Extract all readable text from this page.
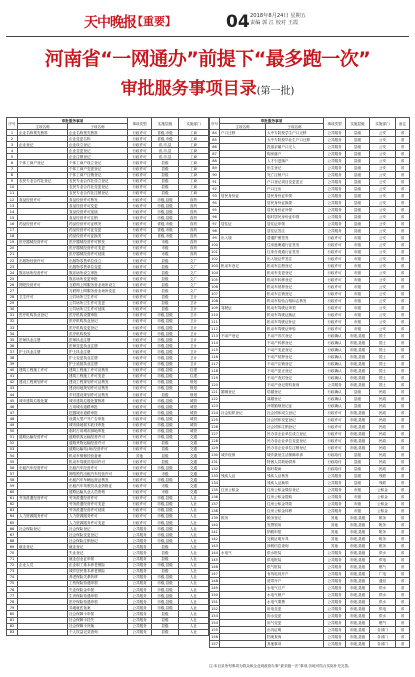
天中晚报
【重要】	04 2018年8月24日 星期五
责编 郭 江 校对 王霞
河南省“一网通办”前提下“最多跑一次”
审批服务事项目录(第一批)
序号	审批服务事项		事项类型	实施层级	实施部门
	主项名称	子项名称			
1	企业名称预先核准	企业名称预先核准	行政许可	省级,市级	工商
2		企业变更名称	行政许可	省级,市级	工商
3	企业登记	企业设立登记	行政许可	省,市,县	工商
4		企业变更登记	行政许可	省,市,县	工商
5		企业注销登记	行政许可	省,市,县	工商
6	个体工商户登记	个体工商户设立登记	行政许可	县级	工商
7		个体工商户变更登记	行政许可	县级	工商
8		个体工商户注销登记	行政许可	县级	工商
9	农民专业合作社登记	农民专业合作社设立登记	行政许可	县级	工商
10		农民专业合作社变更登记	行政许可	县级	工商
11		农民专业合作社注销登记	行政许可	县级	工商
12	食品经营许可	食品经营许可核发	行政许可	市级,县级	食药
13		食品经营许可变更	行政许可	市级,县级	食药
14		食品经营许可延续	行政许可	市级,县级	食药
15		食品经营许可注销	行政许可	市级,县级	食药
16	药品经营许可	药品经营许可证核发	行政许可	省级,市级	食药
17		药品经营许可证变更	行政许可	省级,市级	食药
18		药品经营许可证换发	行政许可	省级,市级	食药
19	医疗器械经营许可	医疗器械经营许可核发	行政许可	市级	食药
20		医疗器械经营许可变更	行政许可	市级	食药
21		医疗器械经营许可延续	行政许可	市级	食药
22	出版物经营许可	出版物零售单位设立	行政许可	县级	文广
23		出版物零售单位变更	行政许可	县级	文广
24	娱乐场所经营许可	娱乐场所设立审批	行政许可	县级	文广
25		娱乐场所变更审批	行政许可	县级	文广
26	网吧经营许可	互联网上网服务营业场所设立	行政许可	县级	文广
27		互联网上网服务营业场所变更	行政许可	县级	文广
28	卫生许可	公共场所卫生许可	行政许可	县级	卫计
29		公共场所卫生许可变更	行政许可	县级	卫计
30		公共场所卫生许可延续	行政许可	县级	卫计
31	医疗机构执业登记	医疗机构设置审批	行政许可	市级,县级	卫计
32		医疗机构执业登记	行政许可	市级,县级	卫计
33		医疗机构变更登记	行政许可	市级,县级	卫计
34		医疗机构校验	行政许可	市级,县级	卫计
35	医师执业注册	医师执业注册	行政许可	市级,县级	卫计
36		医师变更执业注册	行政许可	市级,县级	卫计
37	护士执业注册	护士执业注册	行政许可	市级,县级	卫计
38		护士变更执业注册	行政许可	市级,县级	卫计
39		护士延续执业注册	行政许可	市级,县级	卫计
40	建筑工程施工许可	建筑工程施工许可证核发	行政许可	市级,县级	住建
41		建筑工程施工许可变更	行政许可	市级,县级	住建
42	建设工程规划许可	建设工程规划许可证核发	行政许可	市级,县级	规划
43		建设用地规划许可证核发	行政许可	市级,县级	规划
44		乡村建设规划许可证核发	行政许可	县级	规划
45	城市建筑垃圾处置	城市建筑垃圾处置核准	行政许可	市级,县级	城管
46		占用城市道路审批	行政许可	市级,县级	城管
47		挖掘城市道路审批	行政许可	市级,县级	城管
48		设置大型户外广告审批	行政许可	市级,县级	城管
49		城市绿地树木砍伐审批	行政许可	市级,县级	城管
50		临时占用城市绿地审批	行政许可	市级,县级	城管
51	道路运输经营许可	道路旅客运输经营许可	行政许可	市级,县级	交通
52		道路货物运输经营许可	行政许可	县级	交通
53		道路运输站(场)经营许可	行政许可	县级	交通
54		机动车维修经营备案	其他	县级	交通
55		机动车驾驶员培训许可	行政许可	县级	交通
56	出租汽车经营许可	出租汽车经营许可	行政许可	市级,县级	交通
57		网络预约出租汽车经营许可	行政许可	市级	交通
58		出租汽车车辆运营证核发	行政许可	市级,县级	交通
59		出租汽车驾驶员从业资格证	行政许可	市级	交通
60		道路运输从业人员资格	行政许可	市级	交通
61	劳务派遣经营许可	劳务派遣经营许可	行政许可	市级,县级	人社
62		劳务派遣经营许可变更	行政许可	市级,县级	人社
63		劳务派遣经营许可延续	行政许可	市级,县级	人社
64	人力资源服务许可	人力资源服务许可	行政许可	市级,县级	人社
65		人力资源服务许可变更	行政许可	市级,县级	人社
66	社会保险登记	社会保险登记	公共服务	市级,县级	人社
67		社会保险变更登记	公共服务	市级,县级	人社
68		社会保险注销登记	公共服务	市级,县级	人社
69	就业登记	就业登记	公共服务	县级	人社
70		失业登记	公共服务	县级	人社
71		就业创业证申领	公共服务	县级	人社
72	企业人员	企业职工基本养老保险	公共服务	市级,县级	人社
73		城乡居民基本养老保险	公共服务	县级	人社
74		养老保险关系转移	公共服务	市级,县级	人社
75		工伤保险待遇申领	公共服务	市级,县级	人社
76		失业保险金申领	公共服务	市级,县级	人社
77		生育保险待遇申领	公共服务	市级,县级	人社
78		医疗保险待遇申领	公共服务	市级,县级	人社
79		异地就医备案	公共服务	市级,县级	人社
80		社会保障卡申领	公共服务	县级	人社
81		社会保障卡挂失	公共服务	县级	人社
82		社会保障卡补换	公共服务	县级	人社
83		个人权益记录查询	公共服务	县级	人社
序号	审批服务事项		事项类型	实施层级	实施部门	备注
	主项名称	子项名称				
84	户口迁移	大中专院校学生户口迁移	公共服务	县级	公安	省
85		大中专院校毕业生户口迁移	公共服务	县级	公安	省
86		投靠亲属户口迁入	公共服务	县级	公安	省
87		购房落户	公共服务	县级	公安	省
88		人才引进落户	公共服务	县级	公安	省
89		出生登记	公共服务	县级	公安	省
90		死亡注销户口	公共服务	县级	公安	省
91		户口登记项目变更更正	公共服务	县级	公安	省
92		户口迁出	公共服务	县级	公安	省
93	居民身份证	居民身份证申领	公共服务	县级	公安	省
94		居民身份证换领	公共服务	县级	公安	省
95		居民身份证补领	公共服务	县级	公安	省
96		临时居民身份证申领	公共服务	县级	公安	省
97	居住证	居住证申领	公共服务	县级	公安	省
98		居住证签注	公共服务	县级	公安	省
99	出入境	普通护照签发	行政许可	市级	公安	省
100		往来港澳通行证签发	行政许可	市级	公安	省
101		往来台湾通行证签发	行政许可	市级	公安	省
102		出入境证件签注	行政许可	市级	公安	省
103	机动车登记	机动车注册登记	行政许可	市级	公安	省
104		机动车变更登记	行政许可	市级	公安	省
105		机动车转移登记	行政许可	市级	公安	省
106		机动车抵押登记	行政许可	市级	公安	省
107		机动车注销登记	行政许可	市级	公安	省
108		机动车检验合格标志核发	行政许可	市级	公安	省
109	驾驶证	机动车驾驶证申领	行政许可	市级	公安	省
110		机动车驾驶证换证	行政许可	市级	公安	省
111		机动车驾驶证补证	行政许可	市级	公安	省
112		机动车驾驶证审验	行政许可	市级	公安	省
113	不动产登记	不动产首次登记	行政确认	市级,县级	国土	省
114		不动产转移登记	行政确认	市级,县级	国土	省
115		不动产变更登记	行政确认	市级,县级	国土	省
116		不动产抵押登记	行政确认	市级,县级	国土	省
117		不动产注销登记	行政确认	市级,县级	国土	省
118		不动产更正登记	行政确认	市级,县级	国土	省
119		不动产查封登记	行政确认	市级,县级	国土	省
120		不动产登记资料查询	公共服务	市级,县级	国土	省
121	婚姻登记	结婚登记	行政确认	县级	民政	省
122		离婚登记	行政确认	县级	民政	省
123		补领婚姻登记证	行政确认	县级	民政	省
124	社会组织登记	社会团体成立登记	行政许可	市级,县级	民政	省
125		社会团体变更登记	行政许可	市级,县级	民政	省
126		社会团体注销登记	行政许可	市级,县级	民政	省
127		民办非企业单位成立登记	行政许可	市级,县级	民政	省
128		民办非企业单位变更登记	行政许可	市级,县级	民政	省
129		民办非企业单位注销登记	行政许可	市级,县级	民政	省
130	城乡低保	城乡最低生活保障申请	行政给付	县级	民政	省
131		特困人员救助供养	行政给付	县级	民政	省
132		临时救助	行政给付	县级	民政	省
133	残疾人证	残疾人证核发	公共服务	县级	残联	省
134		残疾人证换领	公共服务	县级	残联	省
135	住房公积金	住房公积金缴存登记	公共服务	市级	公积金	省
136		住房公积金提取	公共服务	市级	公积金	省
137		住房公积金贷款	公共服务	市级	公积金	省
138		住房公积金转移	公共服务	市级	公积金	省
139	税务	税务登记	其他	市级,县级	税务	省
140		发票领用	其他	市级,县级	税务	省
141		纳税申报	其他	市级,县级	税务	省
142		完税证明开具	其他	市级,县级	税务	省
143		涉税信息查询	其他	市级,县级	税务	省
144	水电气	供水报装	公共服务	市级,县级	供水	省
145		供电报装	公共服务	市级,县级	供电	省
146		供气报装	公共服务	市级,县级	燃气	省
147		有线电视开户	公共服务	市级,县级	广电	省
148		宽带开户	公共服务	市级,县级	通信	省
149		水电气过户	公共服务	市级,县级	供水	省
150		水电气销户	公共服务	市级,县级	供水	省
151		水电气缴费	公共服务	市级,县级	供水	省
152		用电变更	公共服务	市级,县级	供电	省
153		用水变更	公共服务	市级,县级	供水	省
154		用气变更	公共服务	市级,县级	燃气	省
155		出具证明	公共服务	市级,县级	各部门	省
156		档案查询	公共服务	市级,县级	各部门	省
157		其他事项	公共服务	市级,县级	各部门	省
注:本目录所列事项为群众和企业到政府办事“最多跑一次”事项,各地可结合实际补充完善。
